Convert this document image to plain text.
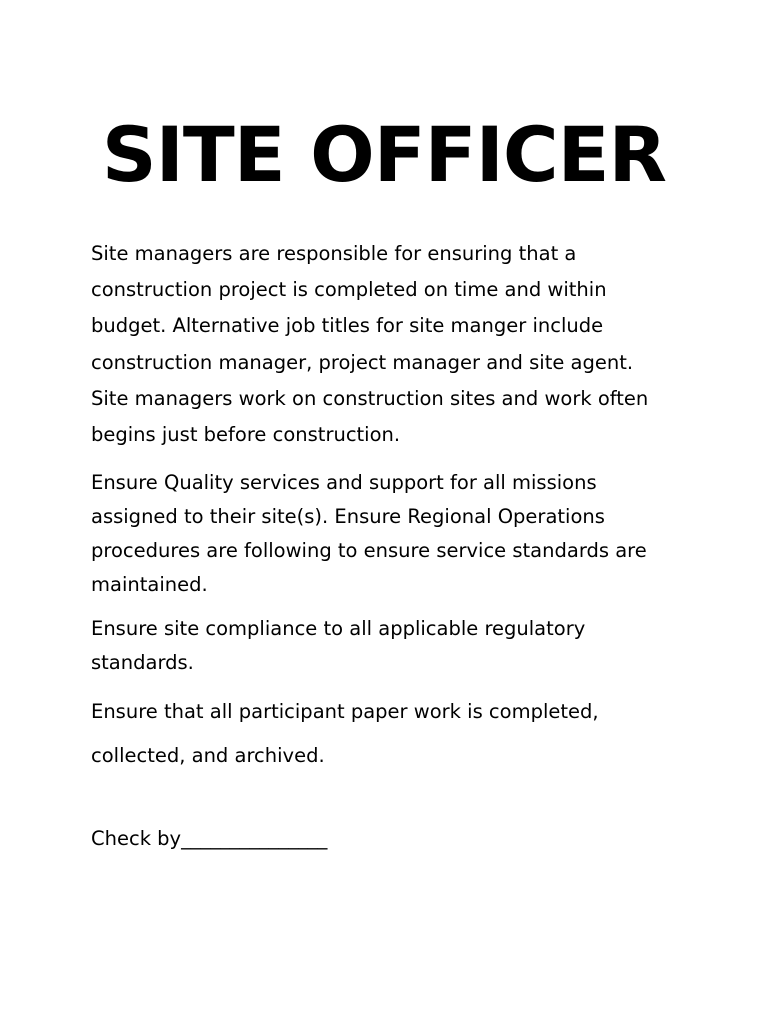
SITE OFFICER

Site managers are responsible for ensuring that a
construction project is completed on time and within
budget. Alternative job titles for site manger include
construction manager, project manager and site agent.
Site managers work on construction sites and work often
begins just before construction.

Ensure Quality services and support for all missions
assigned to their site(s). Ensure Regional Operations
procedures are following to ensure service standards are
maintained.

Ensure site compliance to all applicable regulatory
standards.

Ensure that all participant paper work is completed,
collected, and archived.

Check by_______________
